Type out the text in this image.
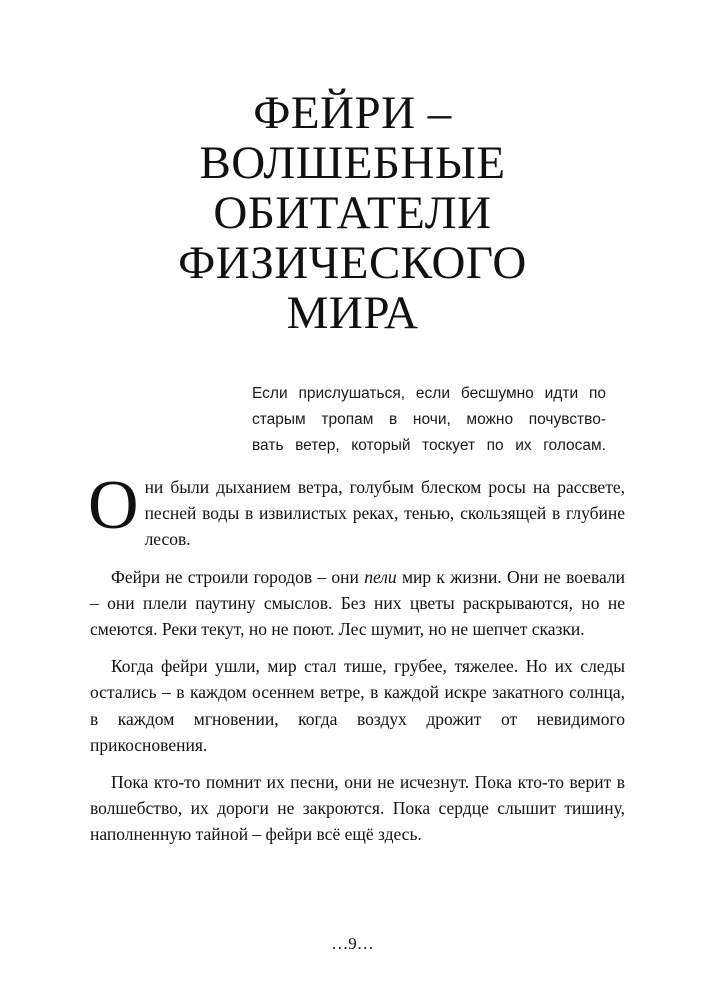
ФЕЙРИ –
ВОЛШЕБНЫЕ
ОБИТАТЕЛИ
ФИЗИЧЕСКОГО
МИРА
Если прислушаться, если бесшумно идти по
старым тропам в ночи, можно почувство-
вать ветер, который тоскует по их голосам.

О ни были дыханием ветра, голубым блеском росы на рассвете, песней воды в извилистых реках, тенью, скользящей в глубине лесов.

Фейри не строили городов – они пели мир к жизни. Они не воевали – они плели паутину смыслов. Без них цветы раскрываются, но не смеются. Реки текут, но не поют. Лес шумит, но не шепчет сказки.

Когда фейри ушли, мир стал тише, грубее, тяжелее. Но их следы остались – в каждом осеннем ветре, в каждой искре закатного солнца, в каждом мгновении, когда воздух дрожит от невидимого прикосновения.

Пока кто-то помнит их песни, они не исчезнут. Пока кто-то верит в волшебство, их дороги не закроются. Пока сердце слышит тишину, наполненную тайной – фейри всё ещё здесь.

…9…
